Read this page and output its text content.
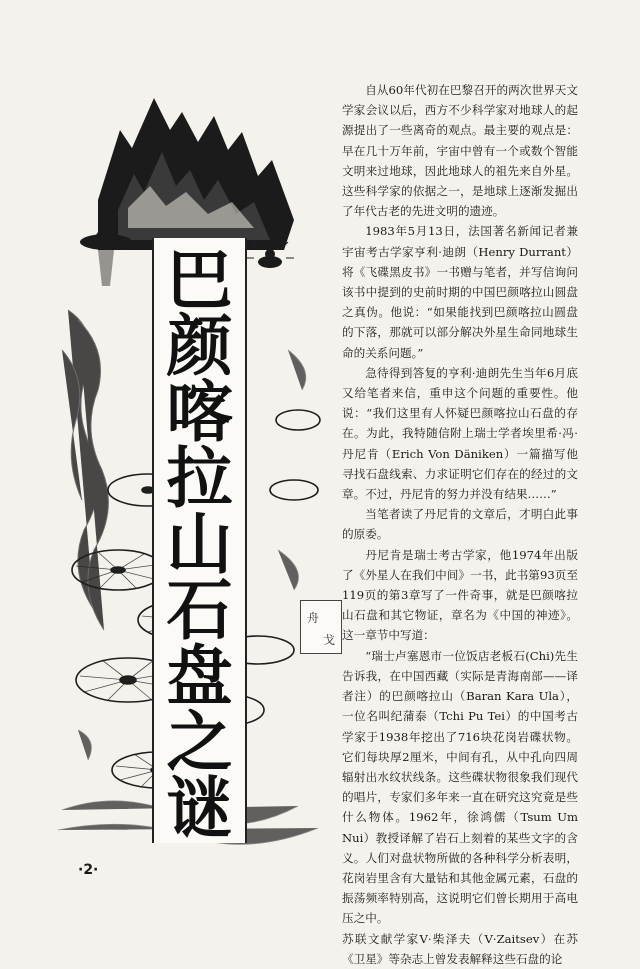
巴
颜
喀
拉
山
石
盘
之
谜
舟
戈

自从60年代初在巴黎召开的两次世界天文学家会议以后，西方不少科学家对地球人的起源提出了一些离奇的观点。最主要的观点是：早在几十万年前，宇宙中曾有一个或数个智能文明来过地球，因此地球人的祖先来自外星。这些科学家的依据之一，是地球上逐渐发掘出了年代古老的先进文明的遗迹。

1983年5月13日，法国著名新闻记者兼宇宙考古学家亨利·迪朗（Henry Durrant）将《飞碟黑皮书》一书赠与笔者，并写信询问该书中提到的史前时期的中国巴颜喀拉山圆盘之真伪。他说：“如果能找到巴颜喀拉山圆盘的下落，那就可以部分解决外星生命同地球生命的关系问题。”

急待得到答复的亨利·迪朗先生当年6月底又给笔者来信，重申这个问题的重要性。他说：“我们这里有人怀疑巴颜喀拉山石盘的存在。为此，我特随信附上瑞士学者埃里希·冯·丹尼肯（Erich Von Däniken）一篇描写他寻找石盘线索、力求证明它们存在的经过的文章。不过，丹尼肯的努力并没有结果……”

当笔者读了丹尼肯的文章后，才明白此事的原委。

丹尼肯是瑞士考古学家，他1974年出版了《外星人在我们中间》一书，此书第93页至119页的第3章写了一件奇事，就是巴颜喀拉山石盘和其它物证，章名为《中国的神迹》。这一章节中写道：

“瑞士卢塞恩市一位饭店老板石(Chi)先生告诉我，在中国西藏（实际是青海南部——译者注）的巴颜喀拉山（Baran Kara Ula），一位名叫纪蒲泰（Tchi Pu Tei）的中国考古学家于1938年挖出了716块花岗岩碟状物。它们每块厚2厘米，中间有孔，从中孔向四周辐射出水纹状线条。这些碟状物很象我们现代的唱片，专家们多年来一直在研究这究竟是些什么物体。1962年，徐鸿儒（Tsum Um Nui）教授译解了岩石上刻着的某些文字的含义。人们对盘状物所做的各种科学分析表明，花岗岩里含有大量钴和其他金属元素，石盘的振荡频率特别高，这说明它们曾长期用于高电压之中。

苏联文献学家V·柴泽夫（V·Zaitsev）在苏《卫星》等杂志上曾发表解释这些石盘的论

·2·
